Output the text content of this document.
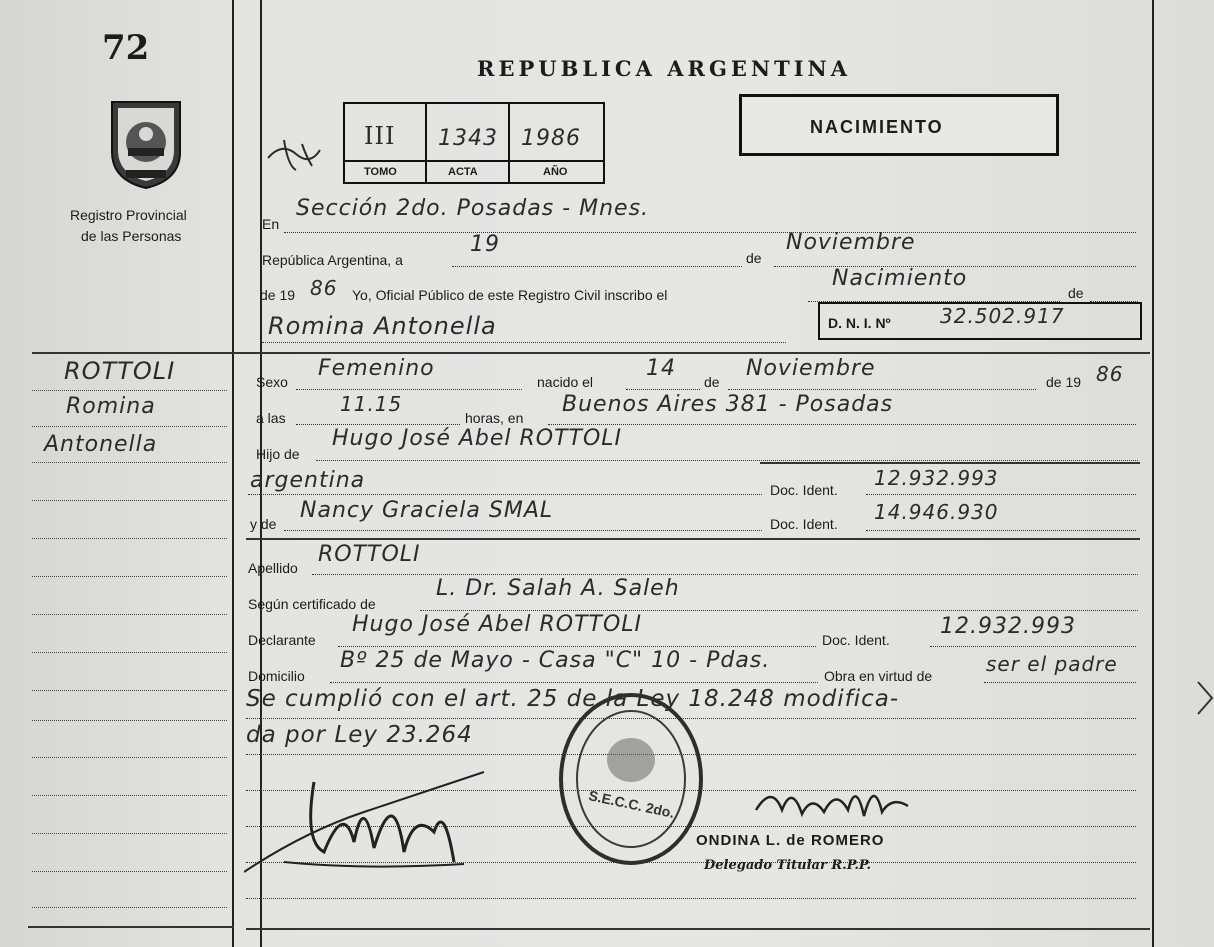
72
Registro Provincial
de las Personas
ROTTOLI
Romina
Antonella
REPUBLICA ARGENTINA
NACIMIENTO
III 1343 1986
TOMO	ACTA	AÑO
En
Sección 2do. Posadas - Mnes.
República Argentina, a
19
de
Noviembre
de 19 86 Yo, Oficial Público de este Registro Civil inscribo el
Nacimiento
de
Romina Antonella	D. N. I. Nº 32.502.917
Sexo
Femenino
nacido el
14
de
Noviembre
de 19 86
a las
11.15
horas, en
Buenos Aires 381 - Posadas
Hijo de
Hugo José Abel ROTTOLI
argentina	Doc. Ident. 12.932.993
y de
Nancy Graciela SMAL
Doc. Ident. 14.946.930
Apellido
ROTTOLI
Según certificado de
L. Dr. Salah A. Saleh
Declarante
Hugo José Abel ROTTOLI
Doc. Ident.
12.932.993
Domicilio
Bº 25 de Mayo - Casa "C" 10 - Pdas.
Obra en virtud de	ser el padre
Se cumplió con el art. 25 de la Ley 18.248 modifica-
da por Ley 23.264
S.E.C.C. 2do.
ONDINA L. de ROMERO
Delegado Titular R.P.P.
